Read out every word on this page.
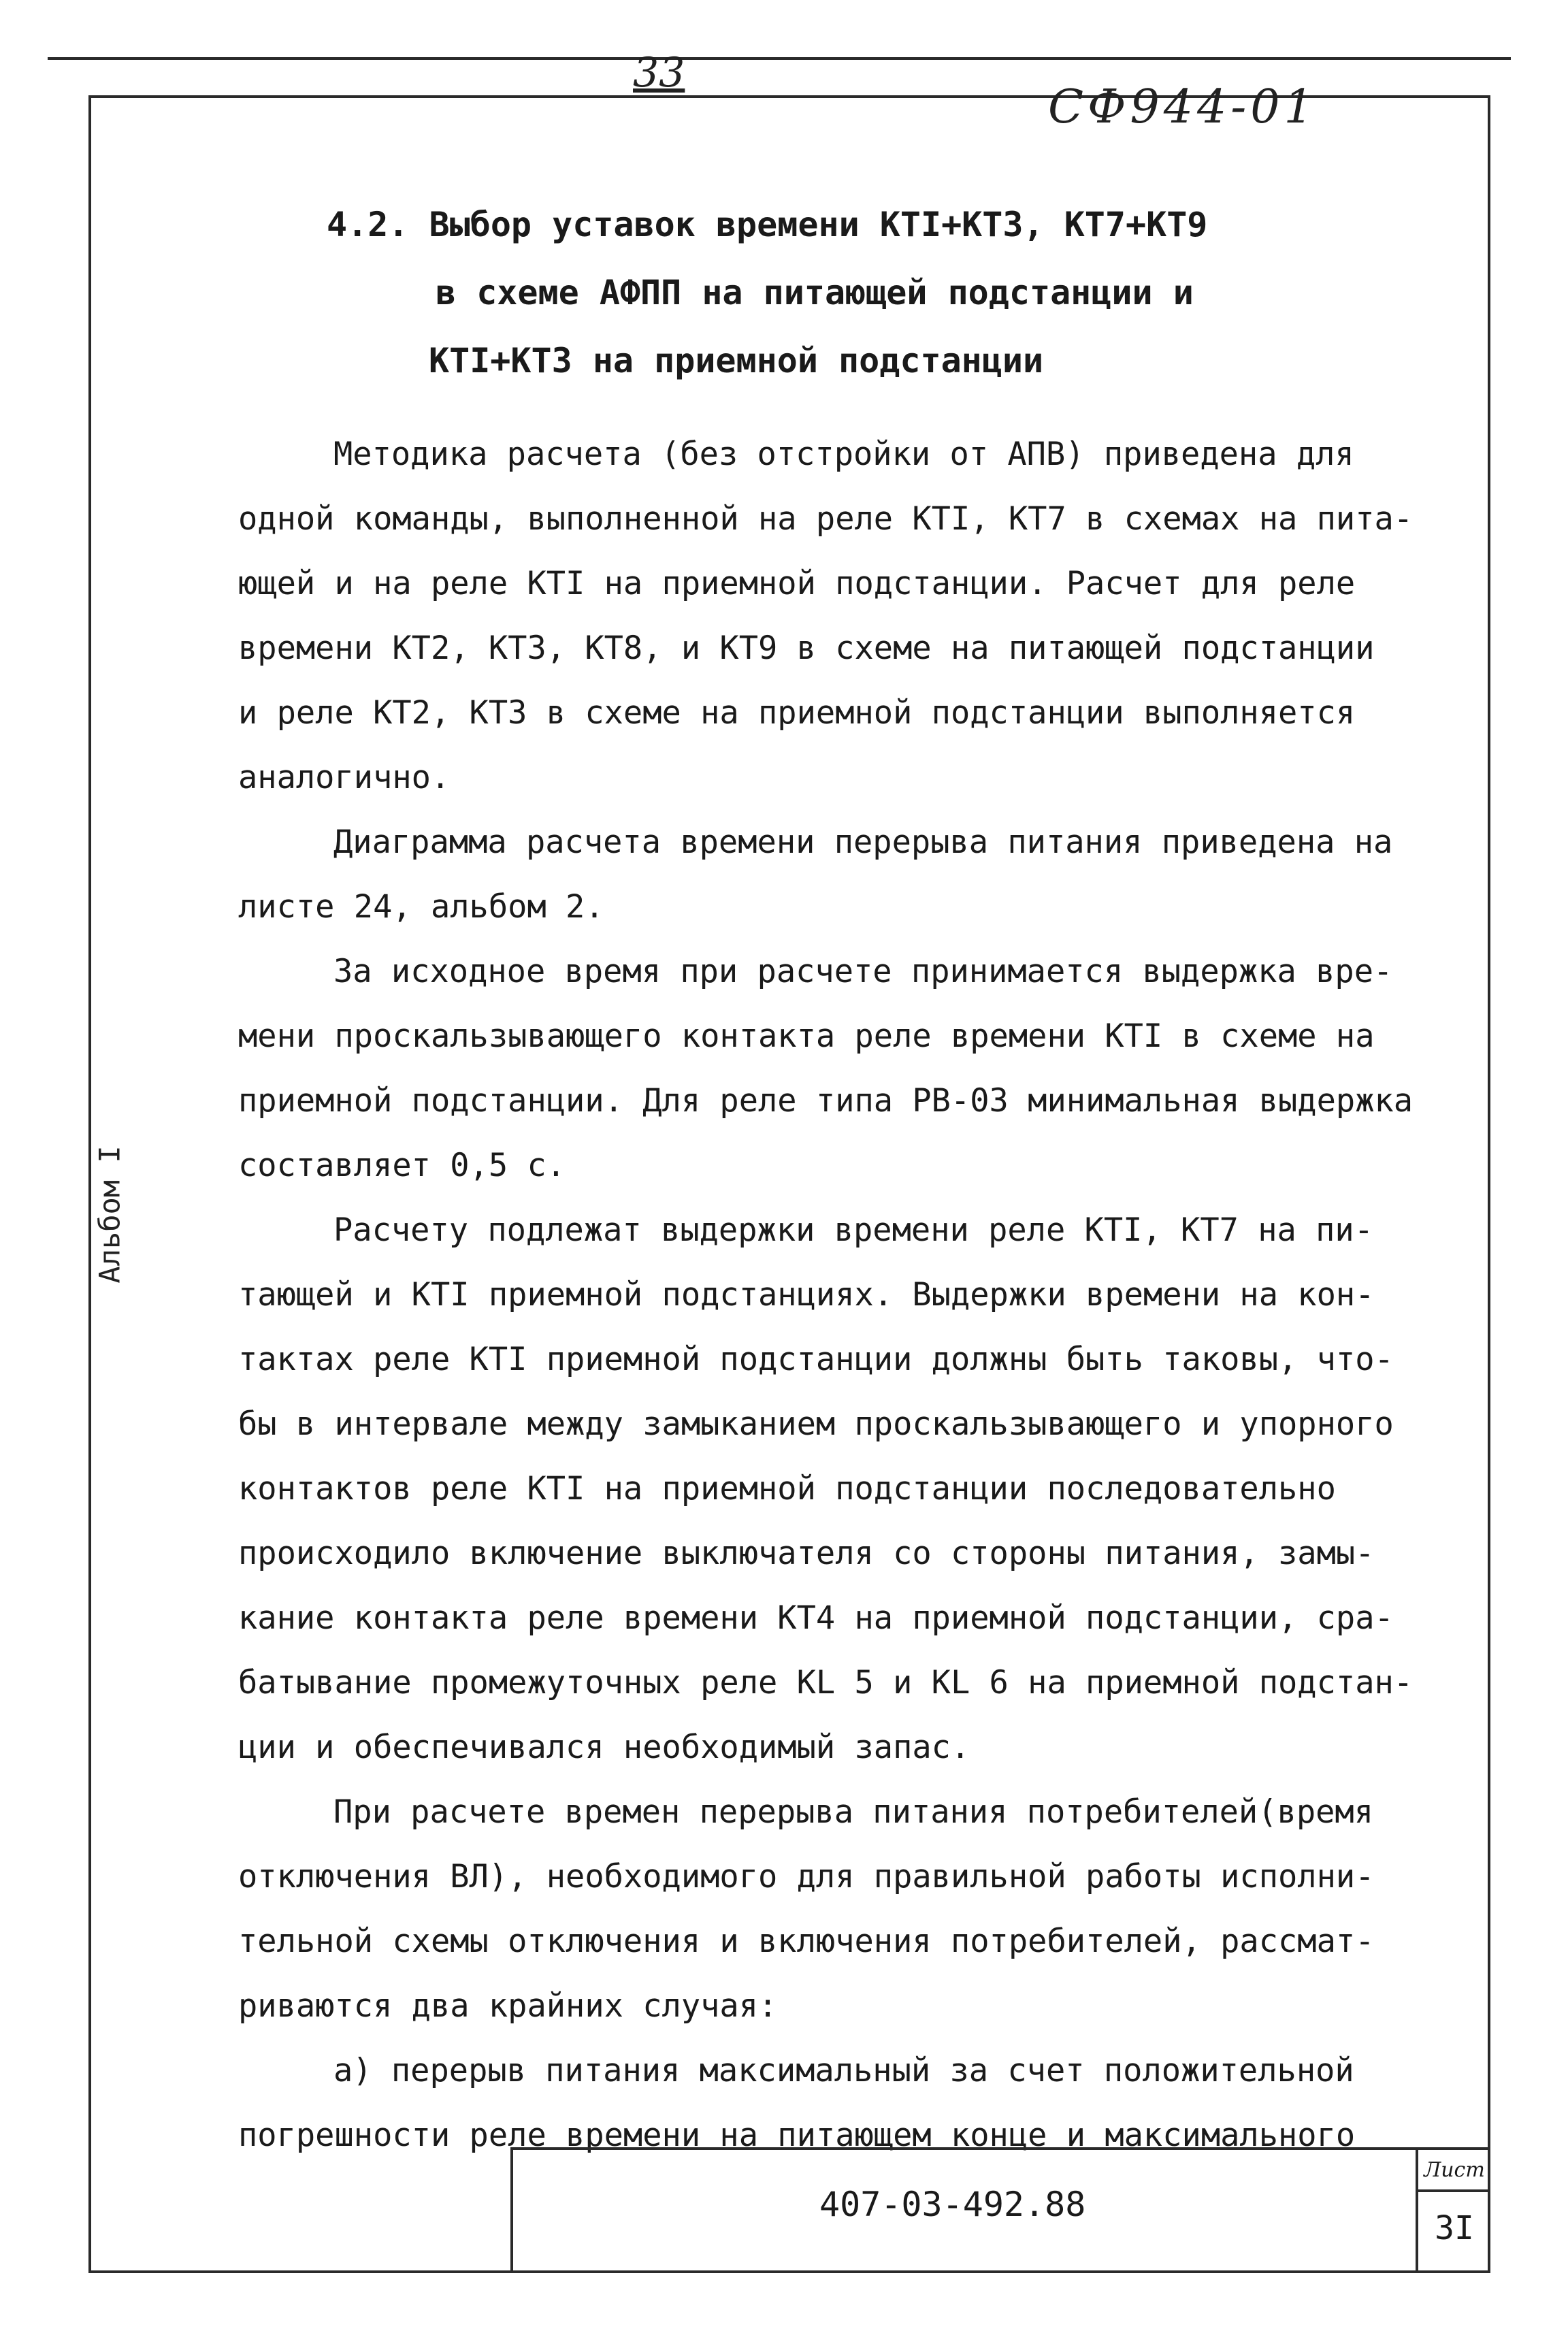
33
СФ944-01
Альбом I
4.2. Выбор уставок времени КТI+КТ3, КТ7+КТ9
в схеме АФПП на питающей подстанции и
КТI+КТ3 на приемной подстанции
Методика расчета (без отстройки от АПВ) приведена для
одной команды, выполненной на реле КТI, КТ7 в схемах на пита-
ющей и на реле КТI на приемной подстанции. Расчет для реле
времени КТ2, КТ3, КТ8, и КТ9 в схеме на питающей подстанции
и реле КТ2, КТ3 в схеме на приемной подстанции выполняется
аналогично.
Диаграмма расчета времени перерыва питания приведена на
листе 24, альбом 2.
За исходное время при расчете принимается выдержка вре-
мени проскальзывающего контакта реле времени КТI в схеме на
приемной подстанции. Для реле типа РВ-03 минимальная выдержка
составляет 0,5 с.
Расчету подлежат выдержки времени реле КТI, КТ7 на пи-
тающей и КТI приемной подстанциях. Выдержки времени на кон-
тактах реле КТI приемной подстанции должны быть таковы, что-
бы в интервале между замыканием проскальзывающего и упорного
контактов реле КТI на приемной подстанции последовательно
происходило включение выключателя со стороны питания, замы-
кание контакта реле времени КТ4 на приемной подстанции, сра-
батывание промежуточных реле KL 5 и KL 6 на приемной подстан-
ции и обеспечивался необходимый запас.
При расчете времен перерыва питания потребителей(время
отключения ВЛ), необходимого для правильной работы исполни-
тельной схемы отключения и включения потребителей, рассмат-
риваются два крайних случая:
а) перерыв питания максимальный за счет положительной
погрешности реле времени на питающем конце и максимального
407-03-492.88
Лист
3I
